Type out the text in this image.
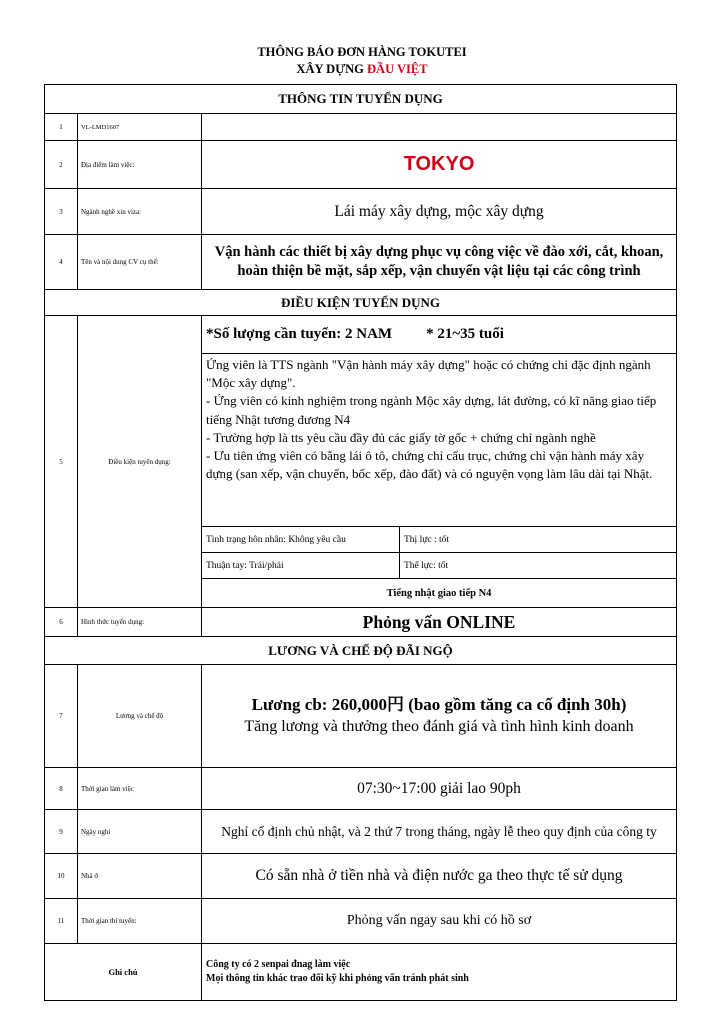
THÔNG BÁO ĐƠN HÀNG TOKUTEI
XÂY DỰNG ĐẦU VIỆT
THÔNG TIN TUYỂN DỤNG			
1	VL-LMD1607		
2	Địa điểm làm việc:	TOKYO	
3	Ngành nghề xin viza:	Lái máy xây dựng, mộc xây dựng	
4	Tên và nội dung CV cụ thể:	Vận hành các thiết bị xây dựng phục vụ công việc về đào xới, cắt, khoan, hoàn thiện bề mặt, sắp xếp, vận chuyển vật liệu tại các công trình	
ĐIỀU KIỆN TUYỂN DỤNG			
5	Điều kiện tuyển dụng:	*Số lượng cần tuyển: 2 NAM * 21~35 tuổi	

		Ứng viên là TTS ngành "Vận hành máy xây dựng" hoặc có chứng chỉ đặc định ngành "Mộc xây dựng".
- Ứng viên có kinh nghiệm trong ngành Mộc xây dựng, lát đường, có kĩ năng giao tiếp tiếng Nhật tương đương N4
- Trường hợp là tts yêu cầu đầy đủ các giấy tờ gốc + chứng chỉ ngành nghề
- Ưu tiên ứng viên có bằng lái ô tô, chứng chỉ cẩu trục, chứng chỉ vận hành máy xây dựng (san xếp, vận chuyển, bốc xếp, đào đất) và có nguyện vọng làm lâu dài tại Nhật.	

		Tình trạng hôn nhân: Không yêu cầu	Thị lực : tốt
		Thuận tay: Trái/phải	Thể lực: tốt
		Tiếng nhật giao tiếp N4	
6	Hình thức tuyển dụng:	Phỏng vấn ONLINE	
LƯƠNG VÀ CHẾ ĐỘ ĐÃI NGỘ			
7	Lương và chế độ	Lương cb: 260,000円 (bao gồm tăng ca cố định 30h)
Tăng lương và thưởng theo đánh giá và tình hình kinh doanh	

8	Thời gian làm việc	07:30~17:00 giải lao 90ph	
9	Ngày nghỉ	Nghỉ cố định chủ nhật, và 2 thứ 7 trong tháng, ngày lễ theo quy định của công ty	
10	Nhà ở	Có sẵn nhà ở tiền nhà và điện nước ga theo thực tế sử dụng	
11	Thời gian thi tuyển:	Phỏng vấn ngay sau khi có hồ sơ	
Ghi chú		Công ty có 2 senpai đnag làm việc
Mọi thông tin khác trao đổi kỹ khi phỏng vấn tránh phát sinh	
